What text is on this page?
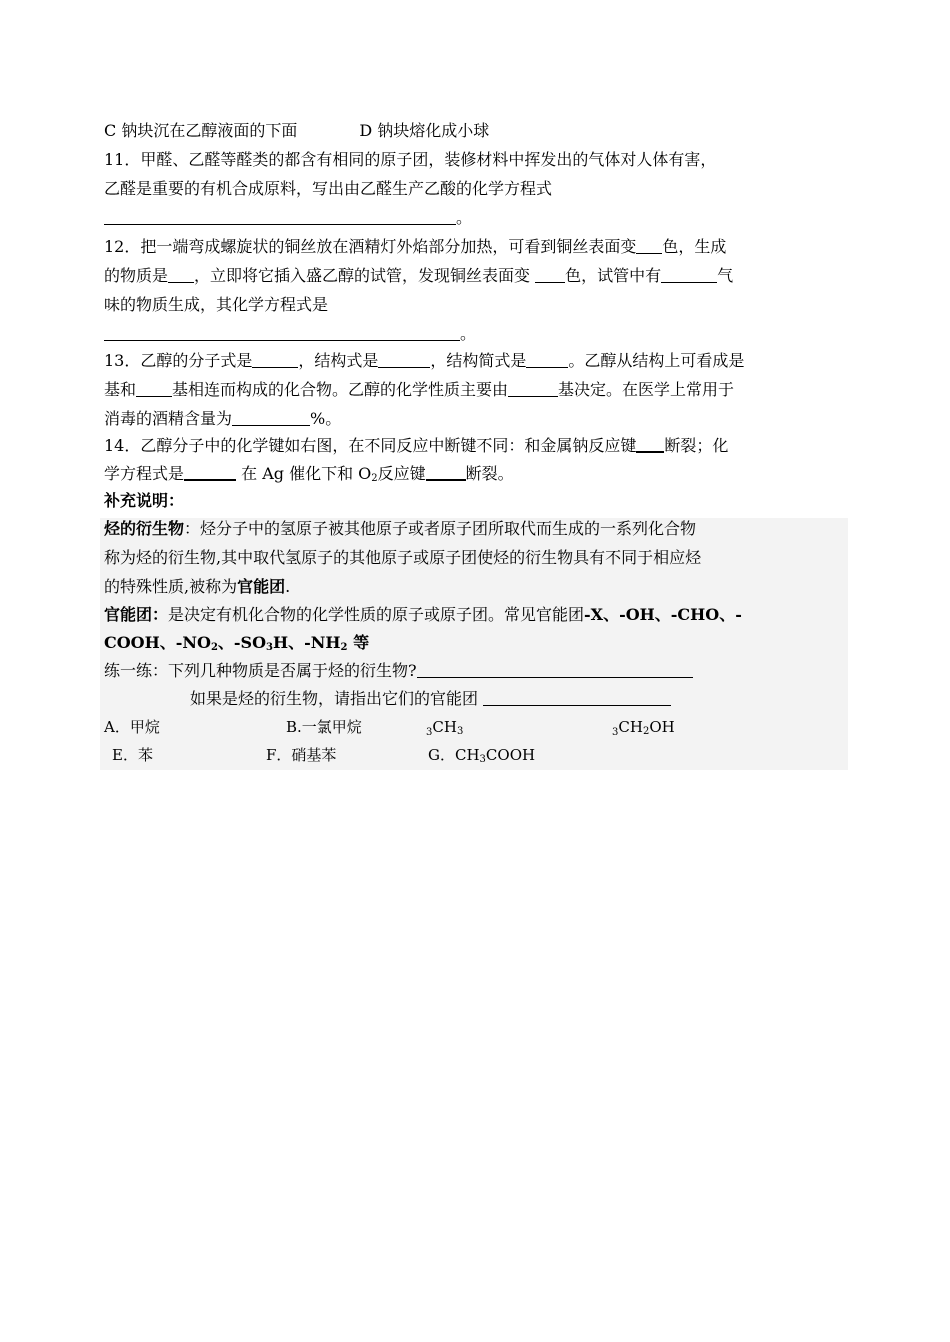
C 钠块沉在乙醇液面的下面	D 钠块熔化成小球
11．甲醛、乙醛等醛类的都含有相同的原子团，装修材料中挥发出的气体对人体有害，
乙醛是重要的有机合成原料，写出由乙醛生产乙酸的化学方程式
。
12．把一端弯成螺旋状的铜丝放在酒精灯外焰部分加热，可看到铜丝表面变 色，生成
的物质是 ，立即将它插入盛乙醇的试管，发现铜丝表面变 色，试管中有	气
味的物质生成，其化学方程式是
。
13．乙醇的分子式是	，结构式是	，结构简式是	。乙醇从结构上可看成是
基和 基相连而构成的化合物。乙醇的化学性质主要由	基决定。在医学上常用于
消毒的酒精含量为	%。
14．乙醇分子中的化学键如右图，在不同反应中断键不同：和金属钠反应键 断裂；化
学方程式是	在 Ag 催化下和 $O_2$反应键	断裂。
补充说明：
烃的衍生物：烃分子中的氢原子被其他原子或者原子团所取代而生成的一系列化合物
称为烃的衍生物,其中取代氢原子的其他原子或原子团使烃的衍生物具有不同于相应烃
的特殊性质,被称为官能团.
官能团：是决定有机化合物的化学性质的原子或原子团。常见官能团-X、-OH、-CHO、-
COOH、$-NO_2$、$-SO_3H$、$-NH_2$ 等
练一练：下列几种物质是否属于烃的衍生物?
如果是烃的衍生物，请指出它们的官能团
A．甲烷	B.一氯甲烷	$_3CH_3$	$_3CH_2OH$
E．苯	F．硝基苯	G．$CH_3COOH$
